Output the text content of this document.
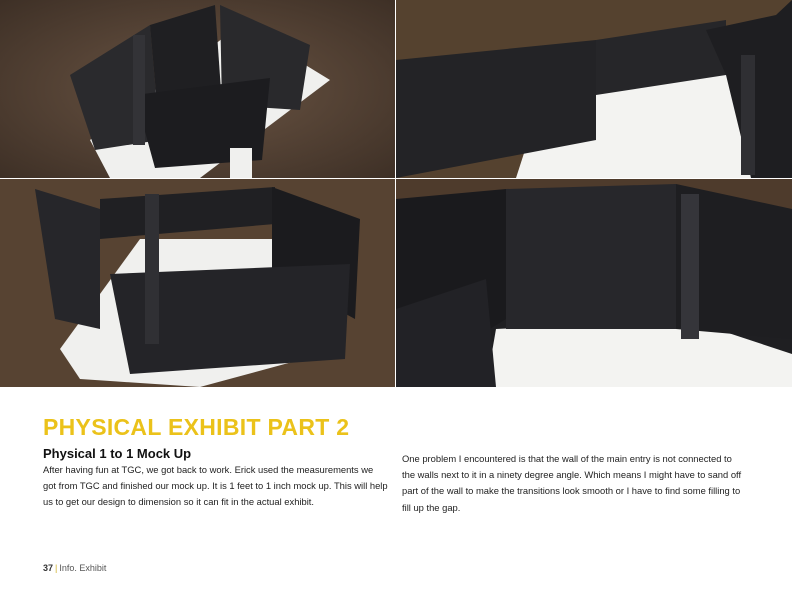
PHYSICAL EXHIBIT PART 2
Physical 1 to 1 Mock Up

After having fun at TGC, we got back to work. Erick used the measurements we got from TGC and finished our mock up. It is 1 feet to 1 inch mock up. This will help us to get our design to dimension so it can fit in the actual exhibit.

One problem I encountered is that the wall of the main entry is not connected to the walls next to it in a ninety degree angle. Which means I might have to sand off part of the wall to make the transitions look smooth or I have to find some filling to fill up the gap.

37 | Info. Exhibit
